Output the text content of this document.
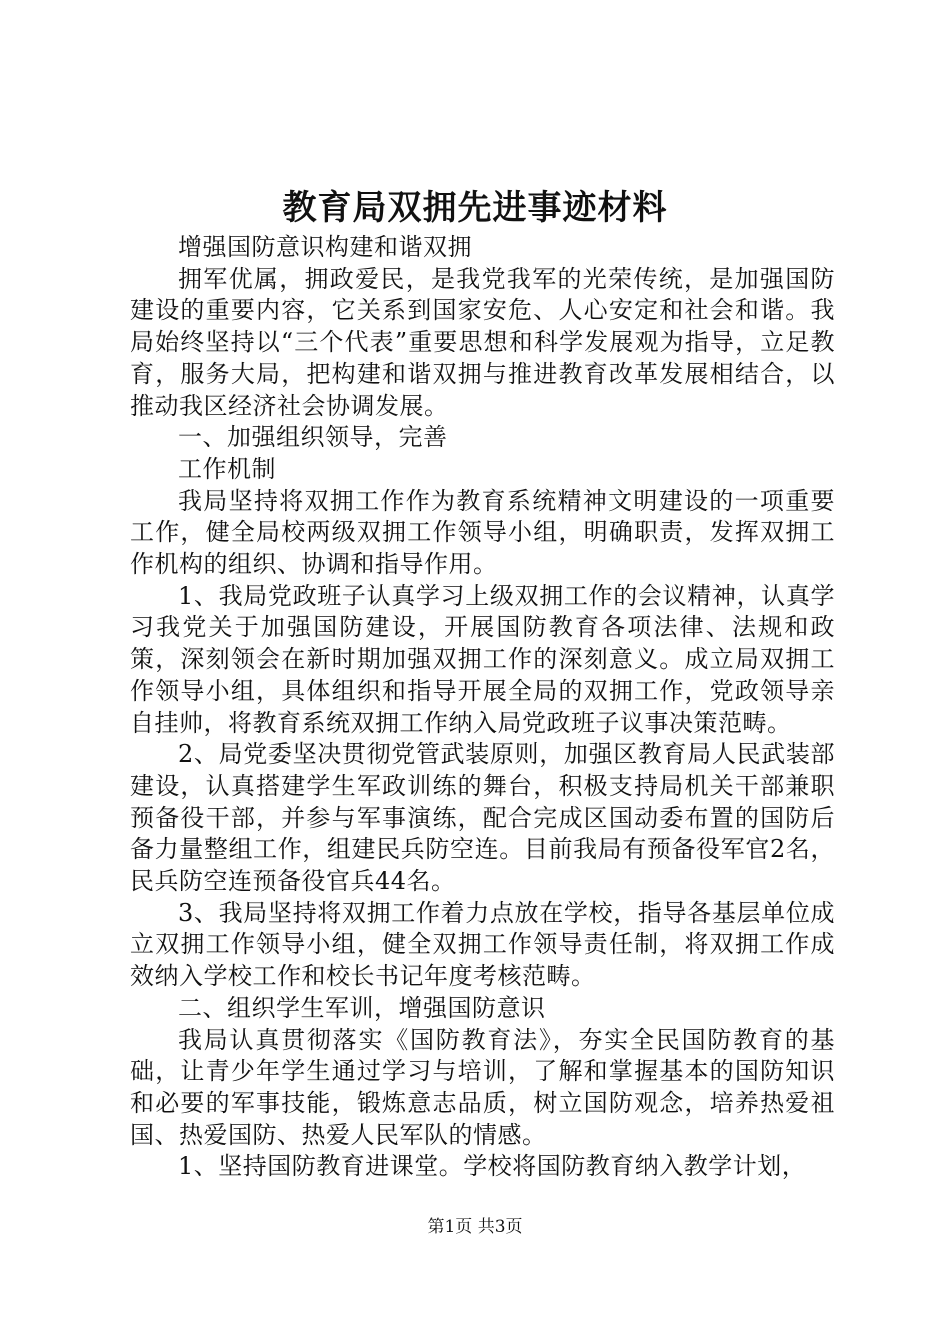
教育局双拥先进事迹材料

增强国防意识构建和谐双拥

拥军优属，拥政爱民，是我党我军的光荣传统，是加强国防建设的重要内容，它关系到国家安危、人心安定和社会和谐。我局始终坚持以“三个代表”重要思想和科学发展观为指导，立足教育，服务大局，把构建和谐双拥与推进教育改革发展相结合，以推动我区经济社会协调发展。

一、加强组织领导，完善

工作机制

我局坚持将双拥工作作为教育系统精神文明建设的一项重要工作，健全局校两级双拥工作领导小组，明确职责，发挥双拥工作机构的组织、协调和指导作用。

1、我局党政班子认真学习上级双拥工作的会议精神，认真学习我党关于加强国防建设，开展国防教育各项法律、法规和政策，深刻领会在新时期加强双拥工作的深刻意义。成立局双拥工作领导小组，具体组织和指导开展全局的双拥工作，党政领导亲自挂帅，将教育系统双拥工作纳入局党政班子议事决策范畴。

2、局党委坚决贯彻党管武装原则，加强区教育局人民武装部建设，认真搭建学生军政训练的舞台，积极支持局机关干部兼职预备役干部，并参与军事演练，配合完成区国动委布置的国防后备力量整组工作，组建民兵防空连。目前我局有预备役军官2名，民兵防空连预备役官兵44名。

3、我局坚持将双拥工作着力点放在学校，指导各基层单位成立双拥工作领导小组，健全双拥工作领导责任制，将双拥工作成效纳入学校工作和校长书记年度考核范畴。

二、组织学生军训，增强国防意识

我局认真贯彻落实《国防教育法》，夯实全民国防教育的基础，让青少年学生通过学习与培训，了解和掌握基本的国防知识和必要的军事技能，锻炼意志品质，树立国防观念，培养热爱祖国、热爱国防、热爱人民军队的情感。

1、坚持国防教育进课堂。学校将国防教育纳入教学计划，

第1页 共3页
